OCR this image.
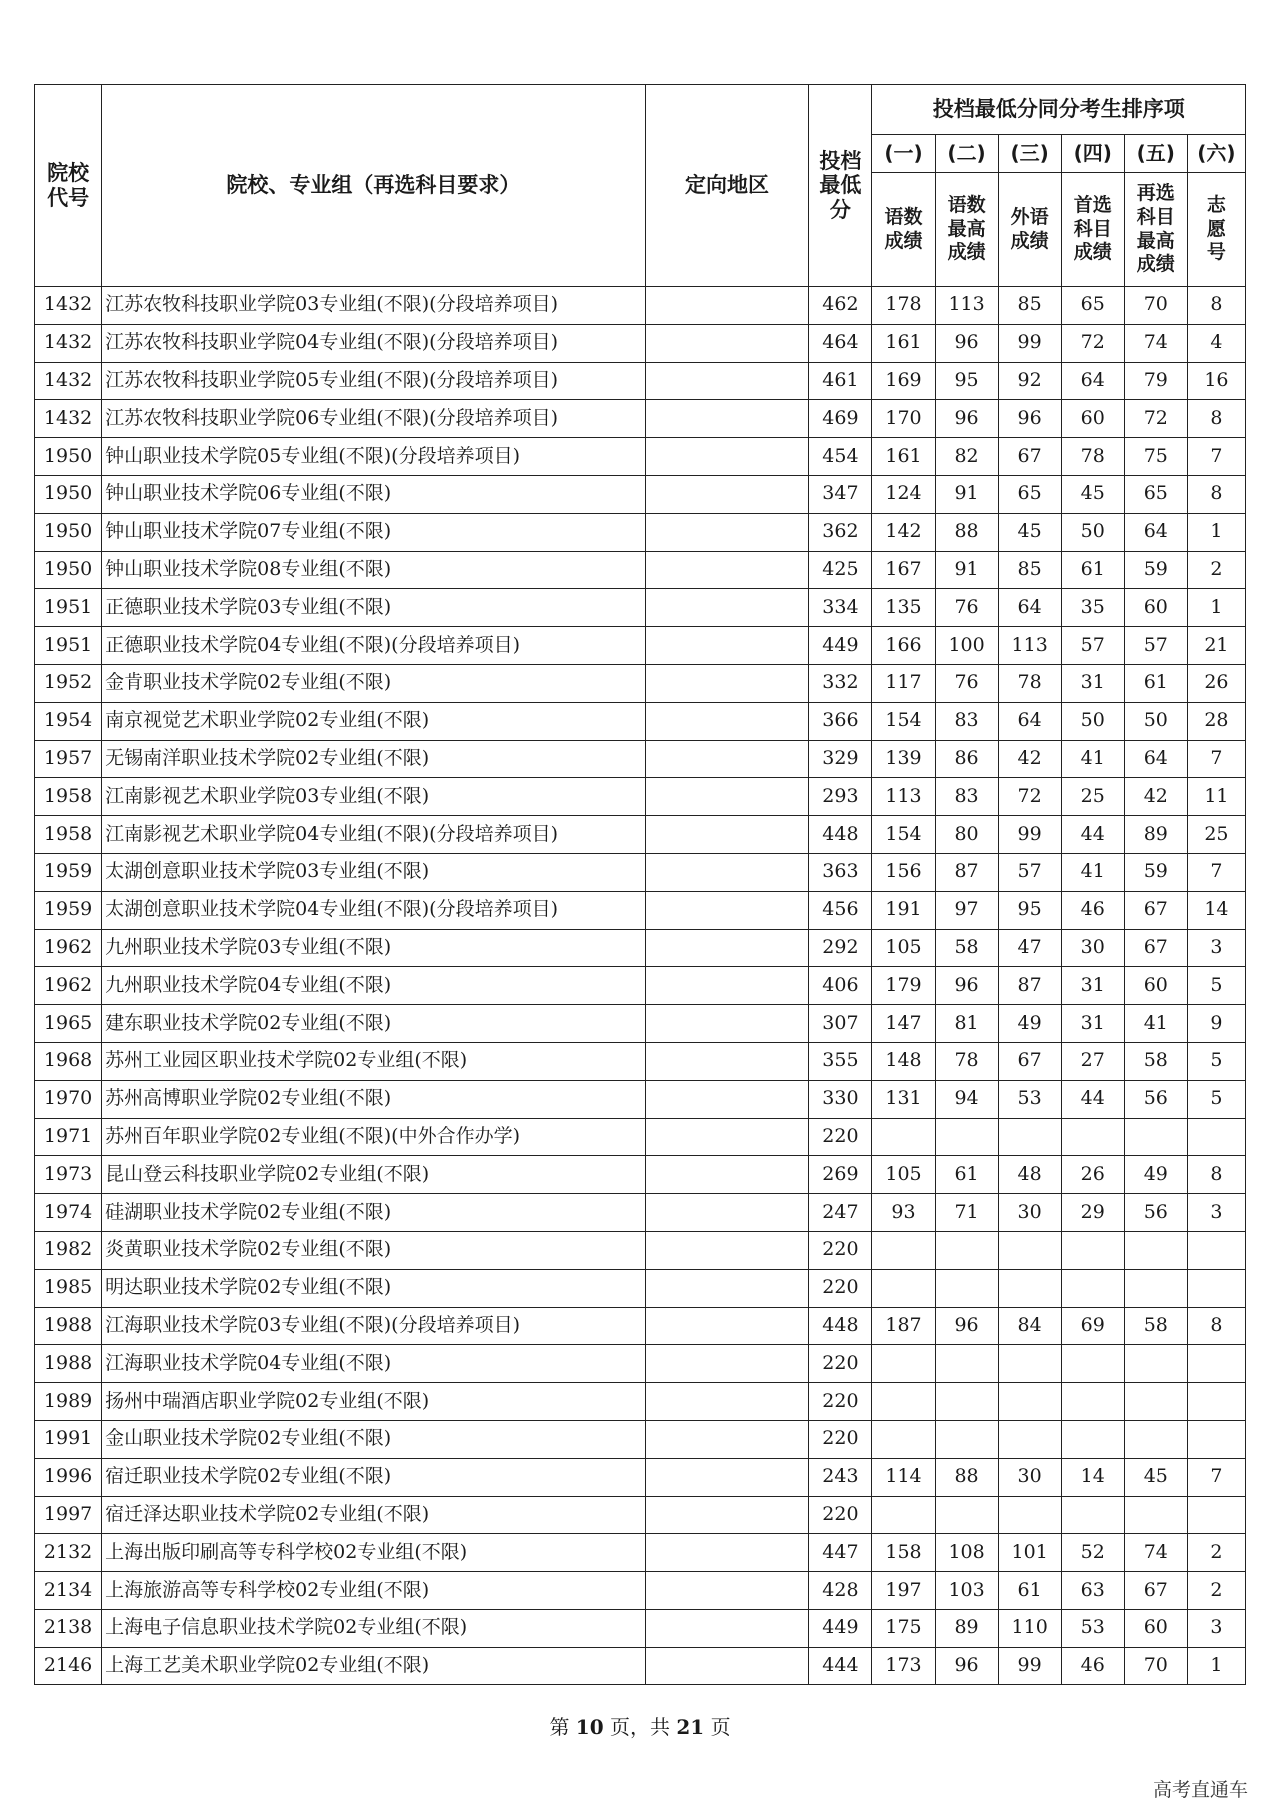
院校代号	院校、专业组（再选科目要求）	定向地区	投档最低分	投档最低分同分考生排序项					
				(一)	(二)	(三)	(四)	(五)	(六)
				语数成绩	语数最高成绩	外语成绩	首选科目成绩	再选科目最高成绩	志愿号
1432	江苏农牧科技职业学院03专业组(不限)(分段培养项目)		462	178	113	85	65	70	8
1432	江苏农牧科技职业学院04专业组(不限)(分段培养项目)		464	161	96	99	72	74	4
1432	江苏农牧科技职业学院05专业组(不限)(分段培养项目)		461	169	95	92	64	79	16
1432	江苏农牧科技职业学院06专业组(不限)(分段培养项目)		469	170	96	96	60	72	8
1950	钟山职业技术学院05专业组(不限)(分段培养项目)		454	161	82	67	78	75	7
1950	钟山职业技术学院06专业组(不限)		347	124	91	65	45	65	8
1950	钟山职业技术学院07专业组(不限)		362	142	88	45	50	64	1
1950	钟山职业技术学院08专业组(不限)		425	167	91	85	61	59	2
1951	正德职业技术学院03专业组(不限)		334	135	76	64	35	60	1
1951	正德职业技术学院04专业组(不限)(分段培养项目)		449	166	100	113	57	57	21
1952	金肯职业技术学院02专业组(不限)		332	117	76	78	31	61	26
1954	南京视觉艺术职业学院02专业组(不限)		366	154	83	64	50	50	28
1957	无锡南洋职业技术学院02专业组(不限)		329	139	86	42	41	64	7
1958	江南影视艺术职业学院03专业组(不限)		293	113	83	72	25	42	11
1958	江南影视艺术职业学院04专业组(不限)(分段培养项目)		448	154	80	99	44	89	25
1959	太湖创意职业技术学院03专业组(不限)		363	156	87	57	41	59	7
1959	太湖创意职业技术学院04专业组(不限)(分段培养项目)		456	191	97	95	46	67	14
1962	九州职业技术学院03专业组(不限)		292	105	58	47	30	67	3
1962	九州职业技术学院04专业组(不限)		406	179	96	87	31	60	5
1965	建东职业技术学院02专业组(不限)		307	147	81	49	31	41	9
1968	苏州工业园区职业技术学院02专业组(不限)		355	148	78	67	27	58	5
1970	苏州高博职业学院02专业组(不限)		330	131	94	53	44	56	5
1971	苏州百年职业学院02专业组(不限)(中外合作办学)		220						
1973	昆山登云科技职业学院02专业组(不限)		269	105	61	48	26	49	8
1974	硅湖职业技术学院02专业组(不限)		247	93	71	30	29	56	3
1982	炎黄职业技术学院02专业组(不限)		220						
1985	明达职业技术学院02专业组(不限)		220						
1988	江海职业技术学院03专业组(不限)(分段培养项目)		448	187	96	84	69	58	8
1988	江海职业技术学院04专业组(不限)		220						
1989	扬州中瑞酒店职业学院02专业组(不限)		220						
1991	金山职业技术学院02专业组(不限)		220						
1996	宿迁职业技术学院02专业组(不限)		243	114	88	30	14	45	7
1997	宿迁泽达职业技术学院02专业组(不限)		220						
2132	上海出版印刷高等专科学校02专业组(不限)		447	158	108	101	52	74	2
2134	上海旅游高等专科学校02专业组(不限)		428	197	103	61	63	67	2
2138	上海电子信息职业技术学院02专业组(不限)		449	175	89	110	53	60	3
2146	上海工艺美术职业学院02专业组(不限)		444	173	96	99	46	70	1
第 10 页，共 21 页
高考直通车
